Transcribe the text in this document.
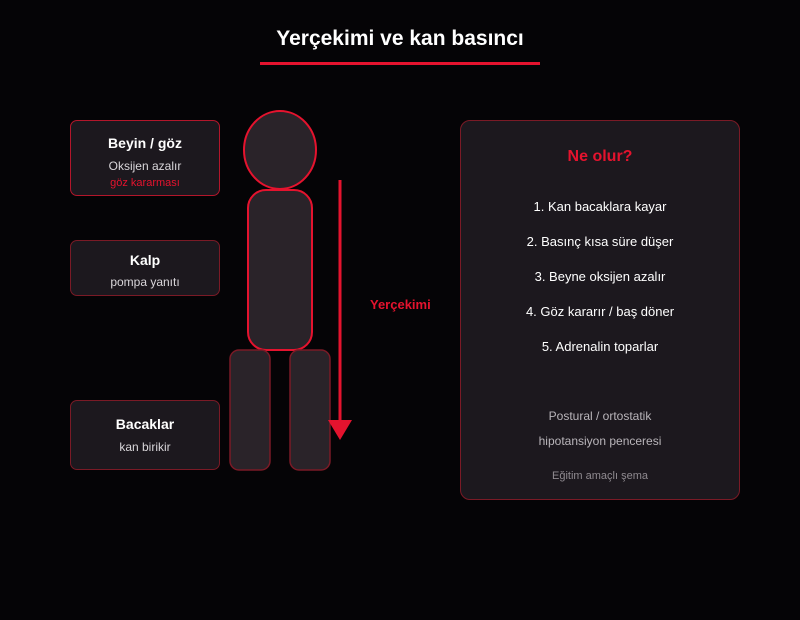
Yerçekimi ve kan basıncı
Beyin / göz
Oksijen azalır
göz kararması
Kalp
pompa yanıtı
Bacaklar
kan birikir
Yerçekimi
Ne olur?
1. Kan bacaklara kayar
2. Basınç kısa süre düşer
3. Beyne oksijen azalır
4. Göz kararır / baş döner
5. Adrenalin toparlar
Postural / ortostatik
hipotansiyon penceresi
Eğitim amaçlı şema
